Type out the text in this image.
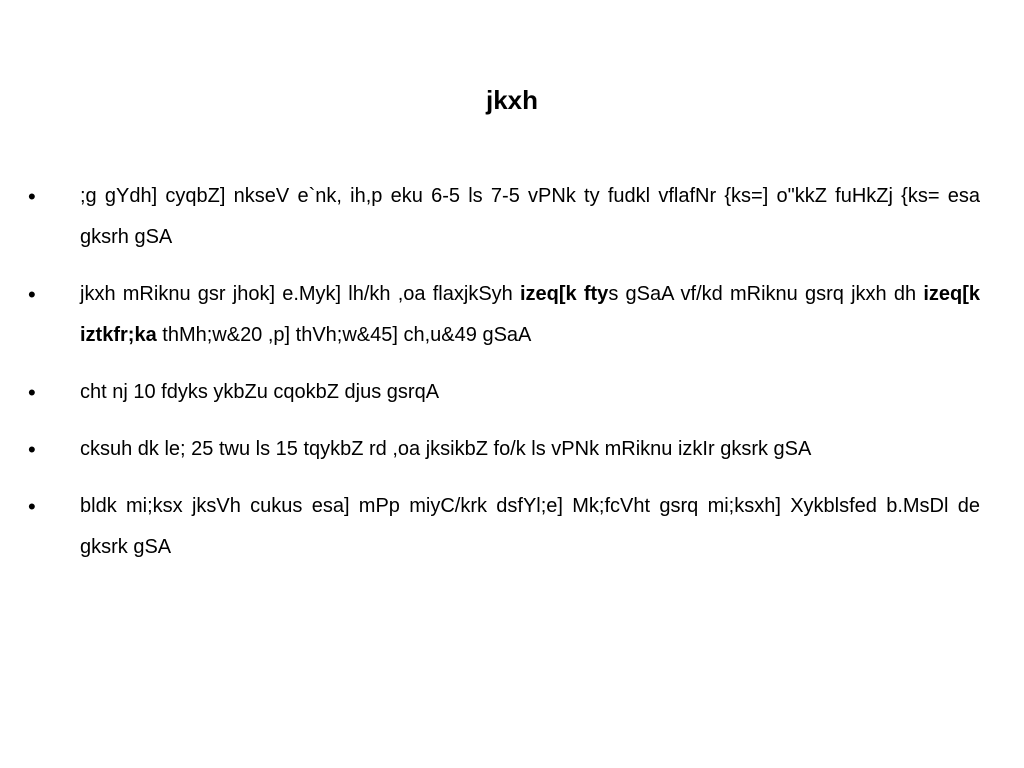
jkxh
• ;g gYdh] cyqbZ] nkseV e`nk, ih,p eku 6-5 ls 7-5 vPNk ty fudkl vflafNr {ks=] o"kkZ fuHkZj {ks= esa gksrh gSA
• jkxh mRiknu gsr jhok] e.Myk] lh/kh ,oa flaxjkSyh izeq[k ftys gSaA vf/kd mRiknu gsrq jkxh dh izeq[k iztkfr;ka thMh;w&20 ,p] thVh;w&45] ch,u&49 gSaA
• cht nj 10 fdyks ykbZu cqokbZ djus gsrqA
• cksuh dk le; 25 twu ls 15 tqykbZ rd ,oa jksikbZ fo/k ls vPNk mRiknu izkIr gksrk gSA
• bldk mi;ksx jksVh cukus esa] mPp miyC/krk dsfYl;e] Mk;fcVht gsrq mi;ksxh] Xykblsfed b.MsDl de gksrk gSA
